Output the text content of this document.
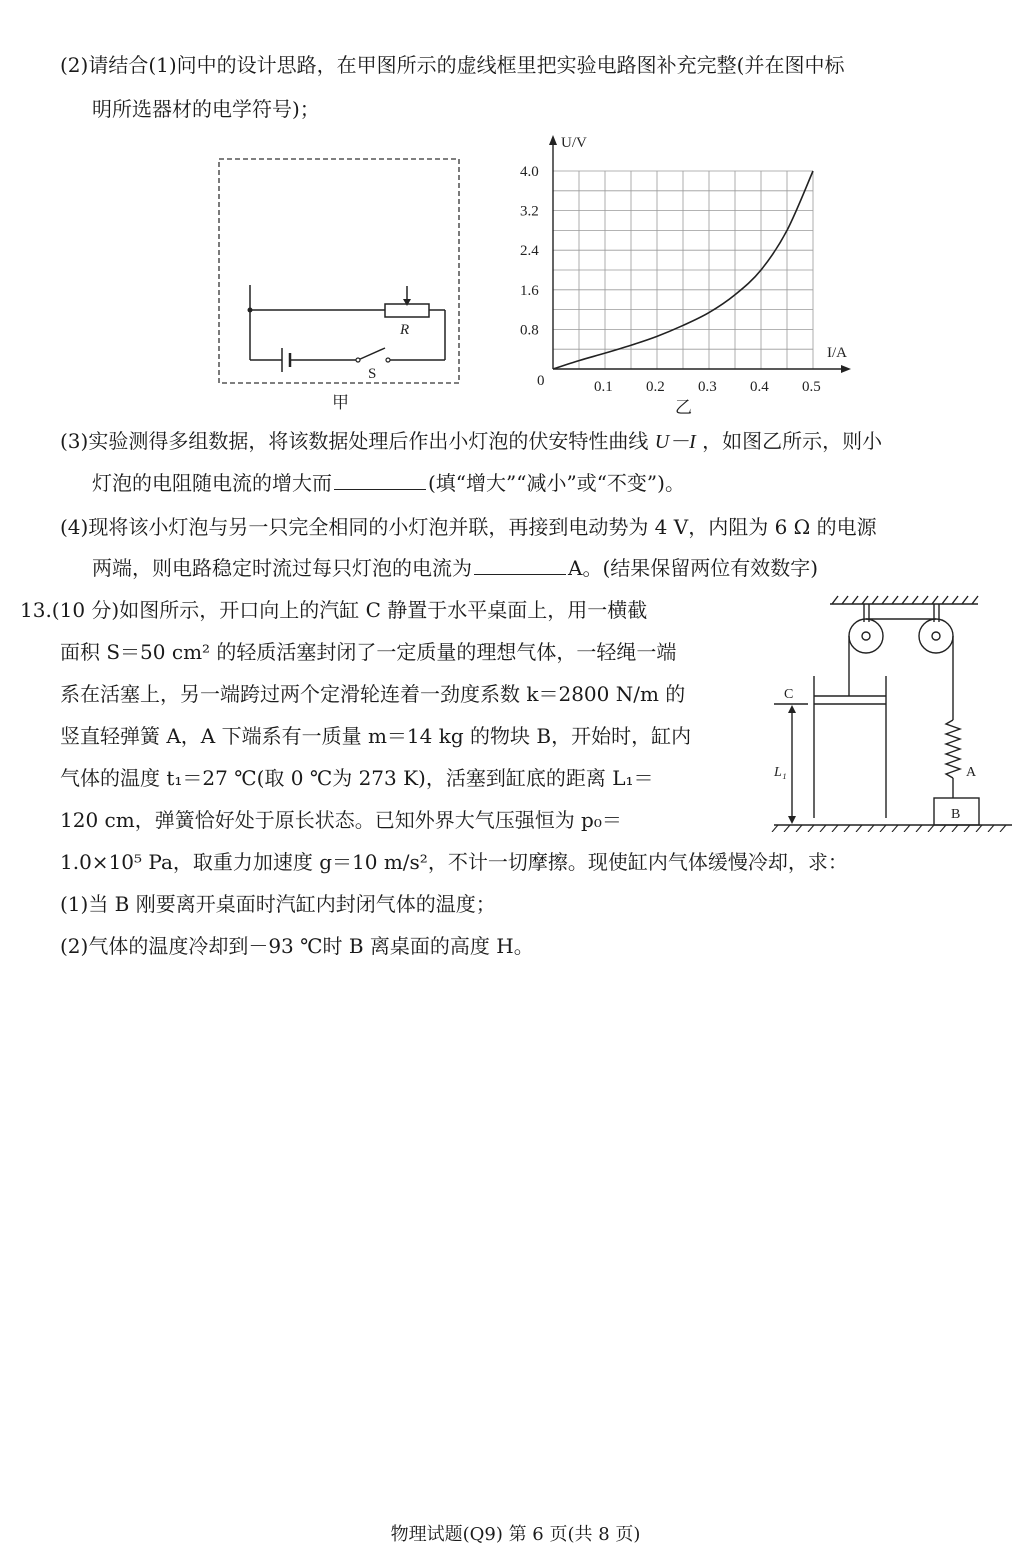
(2)请结合(1)问中的设计思路，在甲图所示的虚线框里把实验电路图补充完整(并在图中标
明所选器材的电学符号)；
R
S
甲
0.1 0.2 0.3 0.4 0.5
0.8
1.6
2.4
3.2
4.0
I/A
U/V
0
乙
(3)实验测得多组数据，将该数据处理后作出小灯泡的伏安特性曲线 U－I ，如图乙所示，则小
灯泡的电阻随电流的增大而	(填“增大”“减小”或“不变”)。
(4)现将该小灯泡与另一只完全相同的小灯泡并联，再接到电动势为 4 V，内阻为 6 Ω 的电源
两端，则电路稳定时流过每只灯泡的电流为	A。(结果保留两位有效数字)
13.(10 分)如图所示，开口向上的汽缸 C 静置于水平桌面上，用一横截
面积 S＝50 cm² 的轻质活塞封闭了一定质量的理想气体，一轻绳一端
系在活塞上，另一端跨过两个定滑轮连着一劲度系数 k＝2800 N/m 的
竖直轻弹簧 A，A 下端系有一质量 m＝14 kg 的物块 B，开始时，缸内
气体的温度 t₁＝27 ℃(取 0 ℃为 273 K)，活塞到缸底的距离 L₁＝
120 cm，弹簧恰好处于原长状态。已知外界大气压强恒为 p₀＝
1.0×10⁵ Pa，取重力加速度 g＝10 m/s²，不计一切摩擦。现使缸内气体缓慢冷却，求：
(1)当 B 刚要离开桌面时汽缸内封闭气体的温度；
(2)气体的温度冷却到－93 ℃时 B 离桌面的高度 H。
C
L₁	A
B
物理试题(Q9) 第 6 页(共 8 页)
